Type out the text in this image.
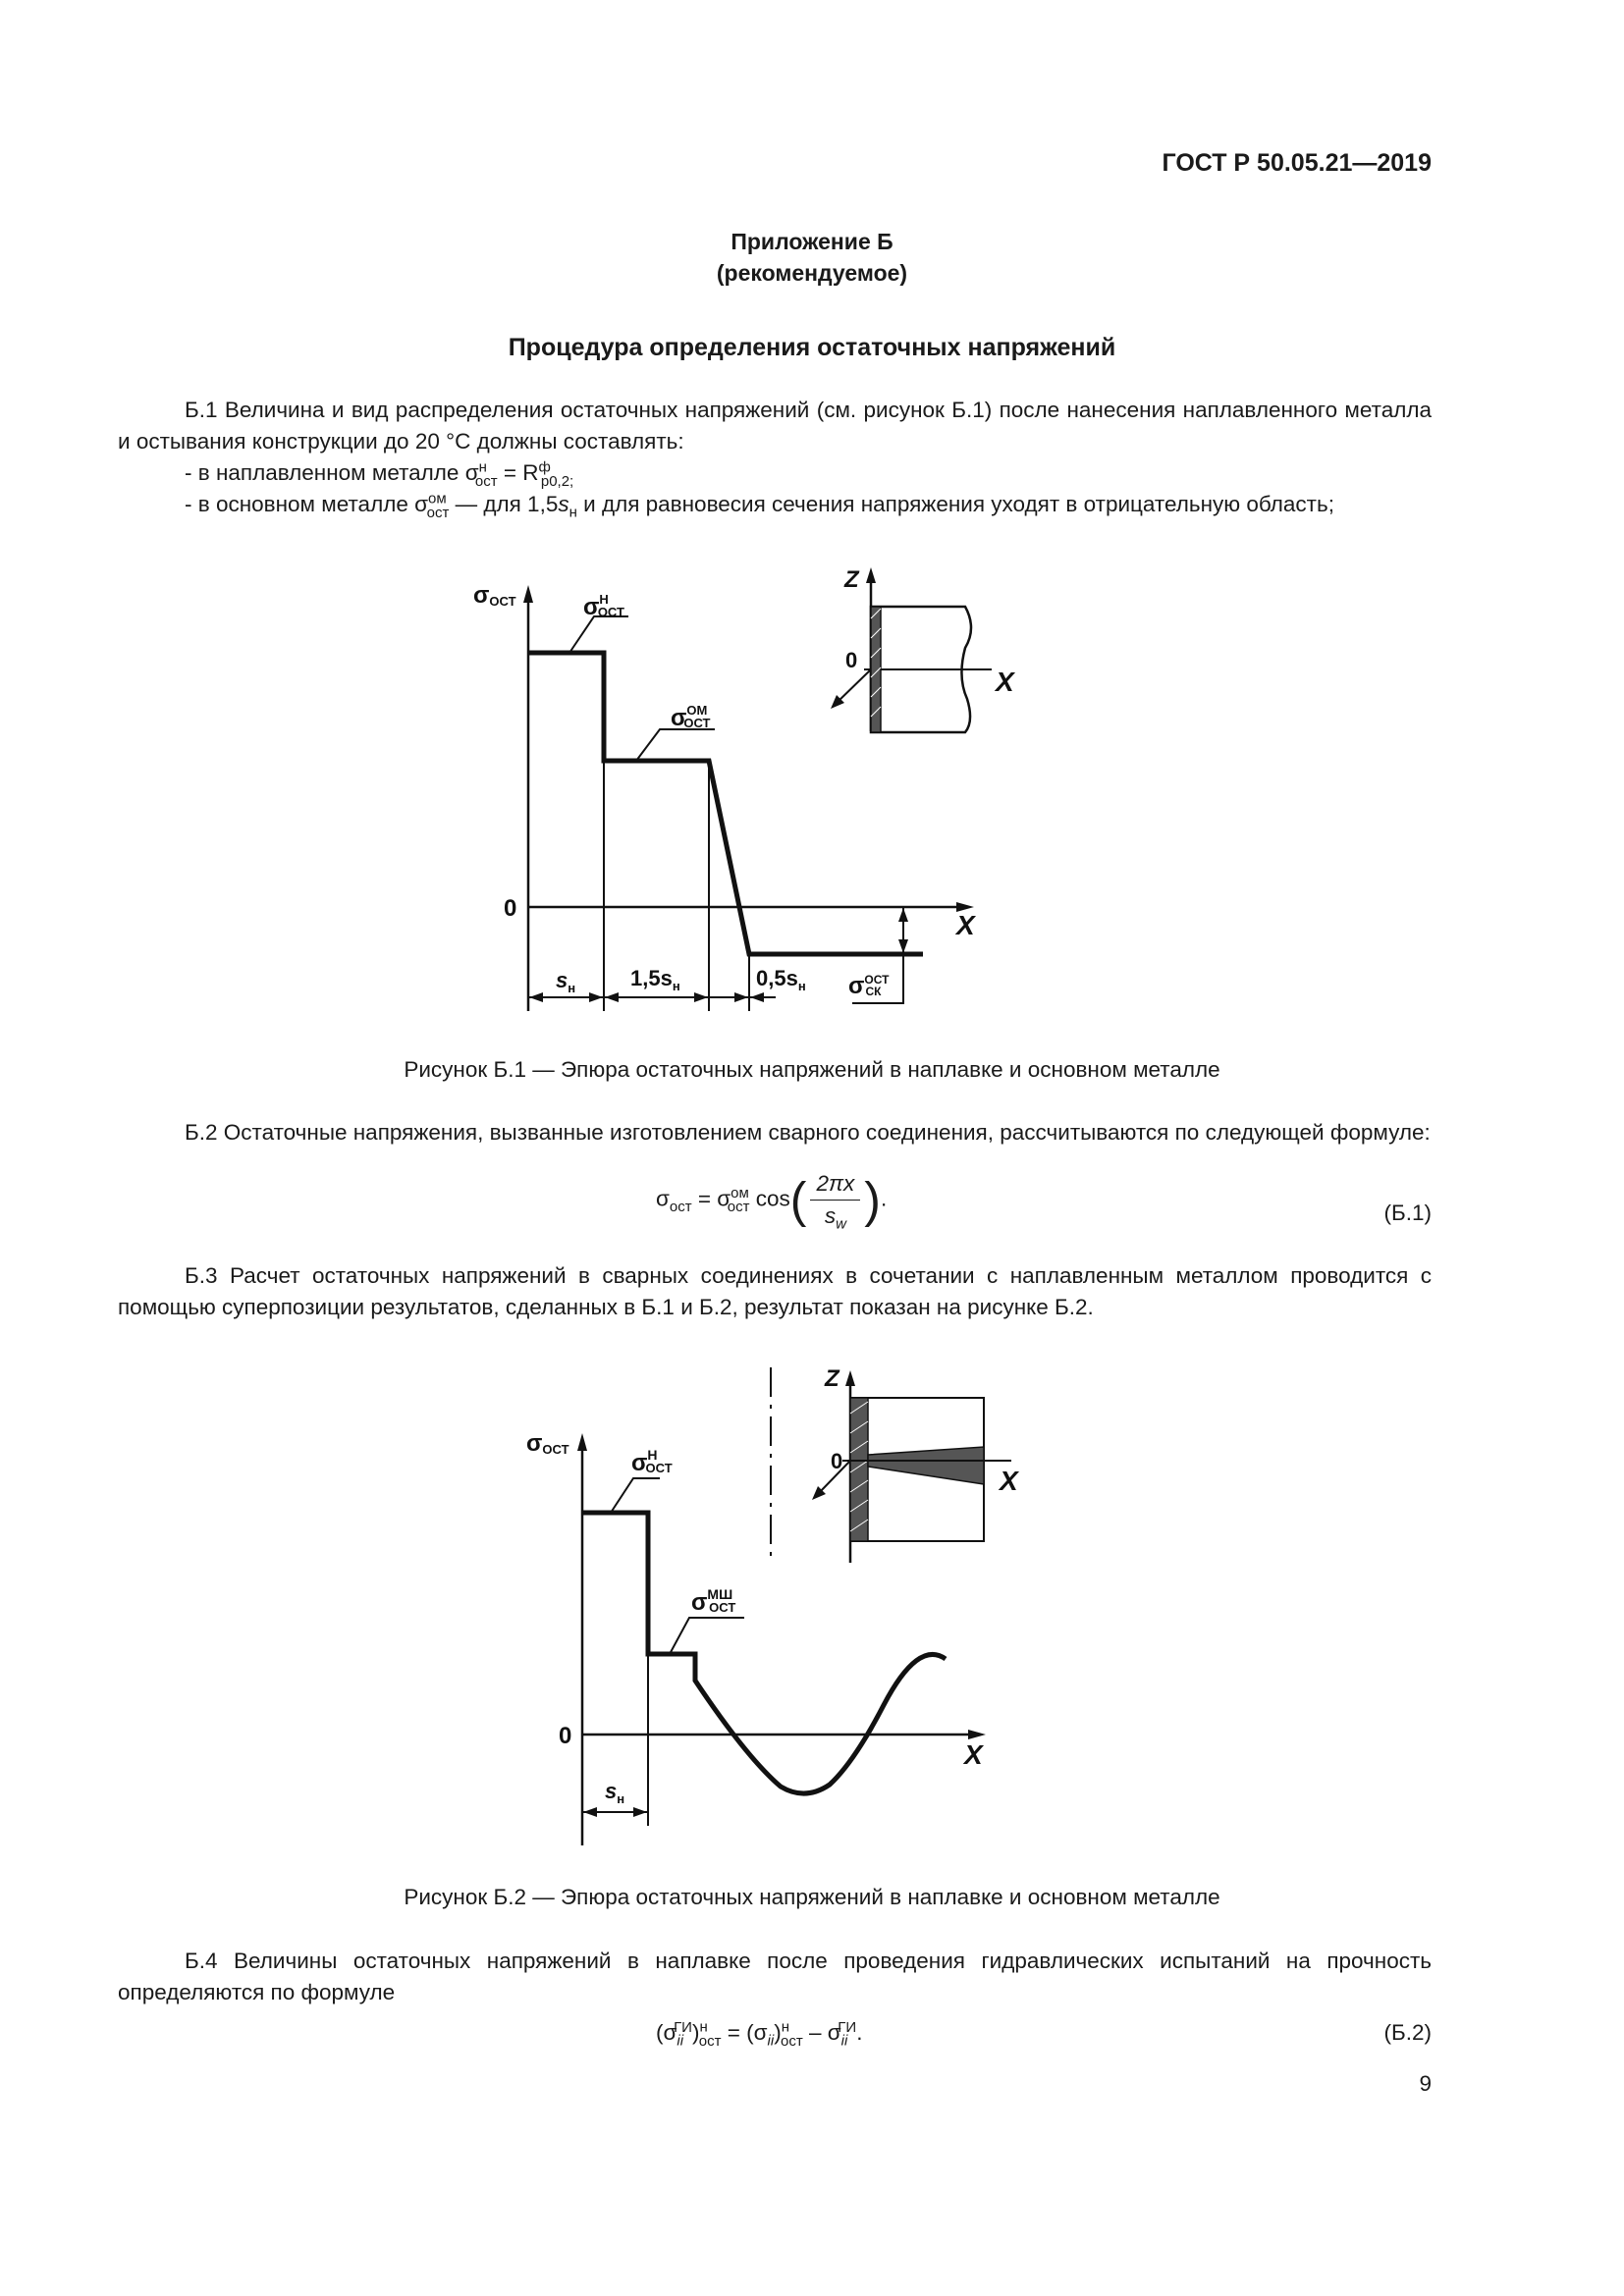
ГОСТ Р 50.05.21—2019
Приложение Б
(рекомендуемое)
Процедура определения остаточных напряжений
Б.1 Величина и вид распределения остаточных напряжений (см. рисунок Б.1) после нанесения наплавленного металла и остывания конструкции до 20 °С должны составлять:
- в наплавленном металле $\sigma^н_{ост} = R^ф_{p0,2;}$
- в основном металле $\sigma^{ом}_{ост}$ — для $1,5s_н$ и для равновесия сечения напряжения уходят в отрицательную область;
σОСТ	$\sigma^Н$ ОСТ
$\sigma^{ОМ}$ ОСТ
$\sigma^{ОСТ}$ СК
0
X
Z
0
X
$s_н$	$1,5s_н$	$0,5s_н$
Рисунок Б.1 — Эпюра остаточных напряжений в наплавке и основном металле
Б.2 Остаточные напряжения, вызванные изготовлением сварного соединения, рассчитываются по следующей формуле:
$\sigma_{ост} = \sigma^{ом}_{ост}$ $\cos( \frac{2\pi x}{s_w}$ ).
(Б.1)
Б.3 Расчет остаточных напряжений в сварных соединениях в сочетании с наплавленным металлом проводится с помощью суперпозиции результатов, сделанных в Б.1 и Б.2, результат показан на рисунке Б.2.
σОСТ
$\sigma^Н$ ОСТ
$\sigma^{МШ}$ ОСТ
0
X
Z
0
X
$s_н$
Рисунок Б.2 — Эпюра остаточных напряжений в наплавке и основном металле
Б.4 Величины остаточных напряжений в наплавке после проведения гидравлических испытаний на прочность определяются по формуле
$(\sigma_{ii}^{ГИ})^н_{ост} = (\sigma_{ii})^н_{ост} - \sigma_{ii}^{ГИ}$.	(Б.2)
9
